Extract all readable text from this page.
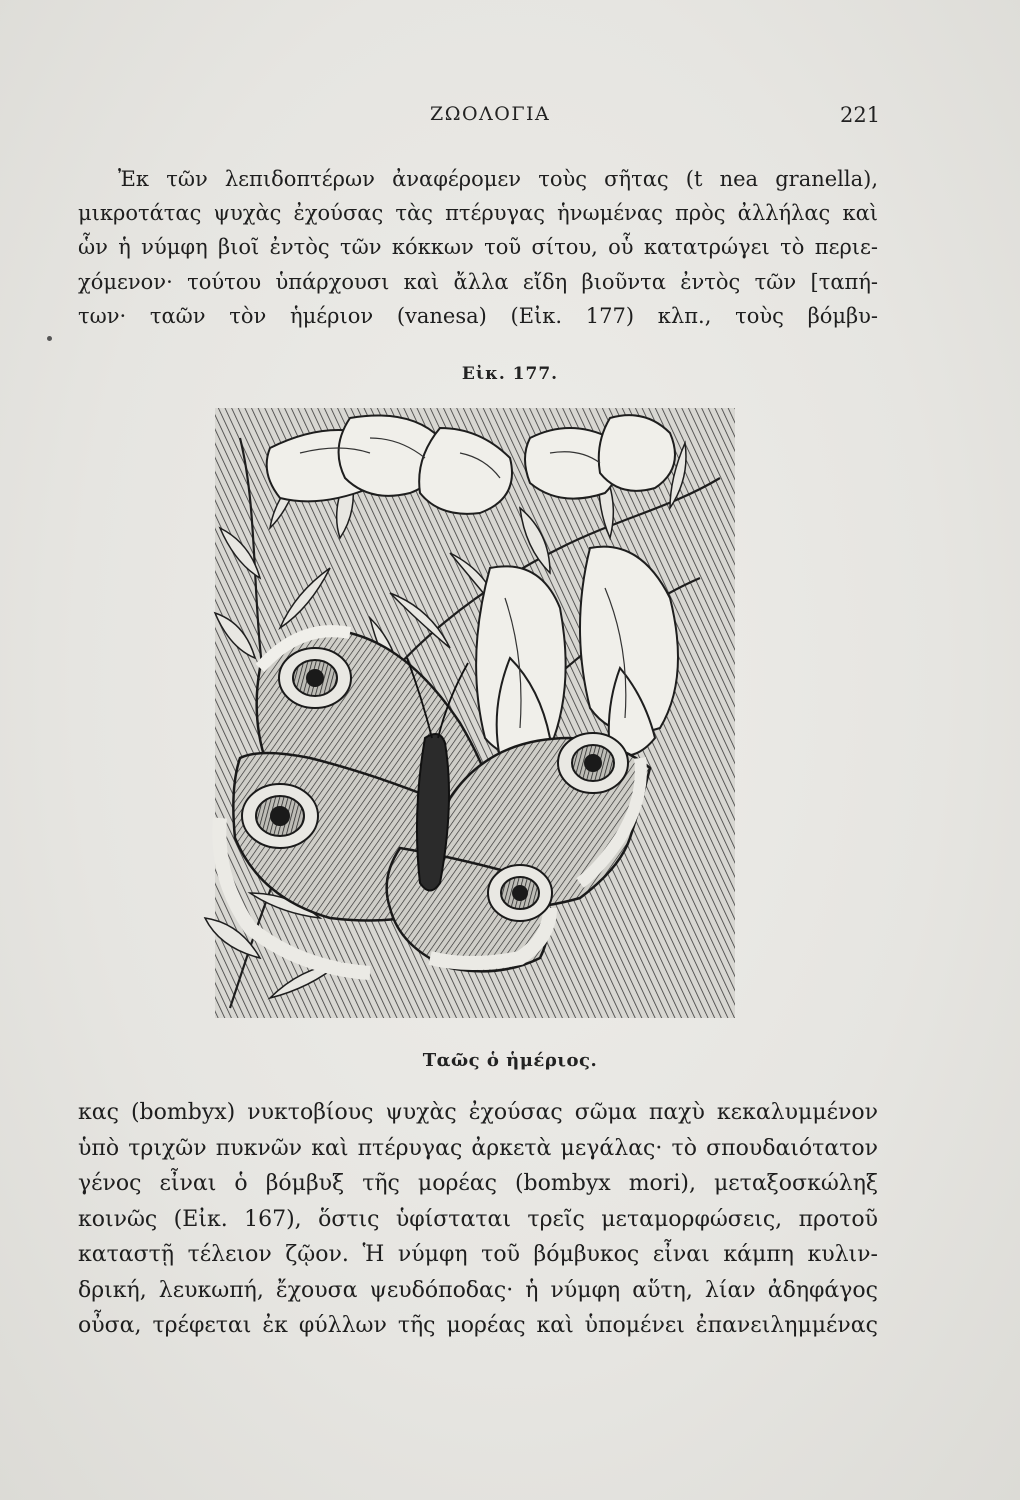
ΖΩΟΛΟΓΙΑ	221
Ἐκ τῶν λεπιδοπτέρων ἀναφέρομεν τοὺς σῆτας (t nea granella),
μικροτάτας ψυχὰς ἐχούσας τὰς πτέρυγας ἡνωμένας πρὸς ἀλλήλας καὶ
ὧν ἡ νύμφη βιοῖ ἐντὸς τῶν κόκκων τοῦ σίτου, οὗ κατατρώγει τὸ περιε-
χόμενον· τούτου ὑπάρχουσι καὶ ἄλλα εἴδη βιοῦντα ἐντὸς τῶν [ταπή-
των· ταῶν τὸν ἡμέριον (vanesa) (Εἰκ. 177) κλπ., τοὺς βόμβυ-
Εἰκ. 177.
Ταῶς ὁ ἡμέριος.
κας (bombyx) νυκτοβίους ψυχὰς ἐχούσας σῶμα παχὺ κεκαλυμμένον
ὑπὸ τριχῶν πυκνῶν καὶ πτέρυγας ἀρκετὰ μεγάλας· τὸ σπουδαιότατον
γένος εἶναι ὁ βόμβυξ τῆς μορέας (bombyx mori), μεταξοσκώληξ
κοινῶς (Εἰκ. 167), ὅστις ὑφίσταται τρεῖς μεταμορφώσεις, προτοῦ
καταστῇ τέλειον ζῷον. Ἡ νύμφη τοῦ βόμβυκος εἶναι κάμπη κυλιν-
δρική, λευκωπή, ἔχουσα ψευδόποδας· ἡ νύμφη αὕτη, λίαν ἀδηφάγος
οὖσα, τρέφεται ἐκ φύλλων τῆς μορέας καὶ ὑπομένει ἐπανειλημμένας
